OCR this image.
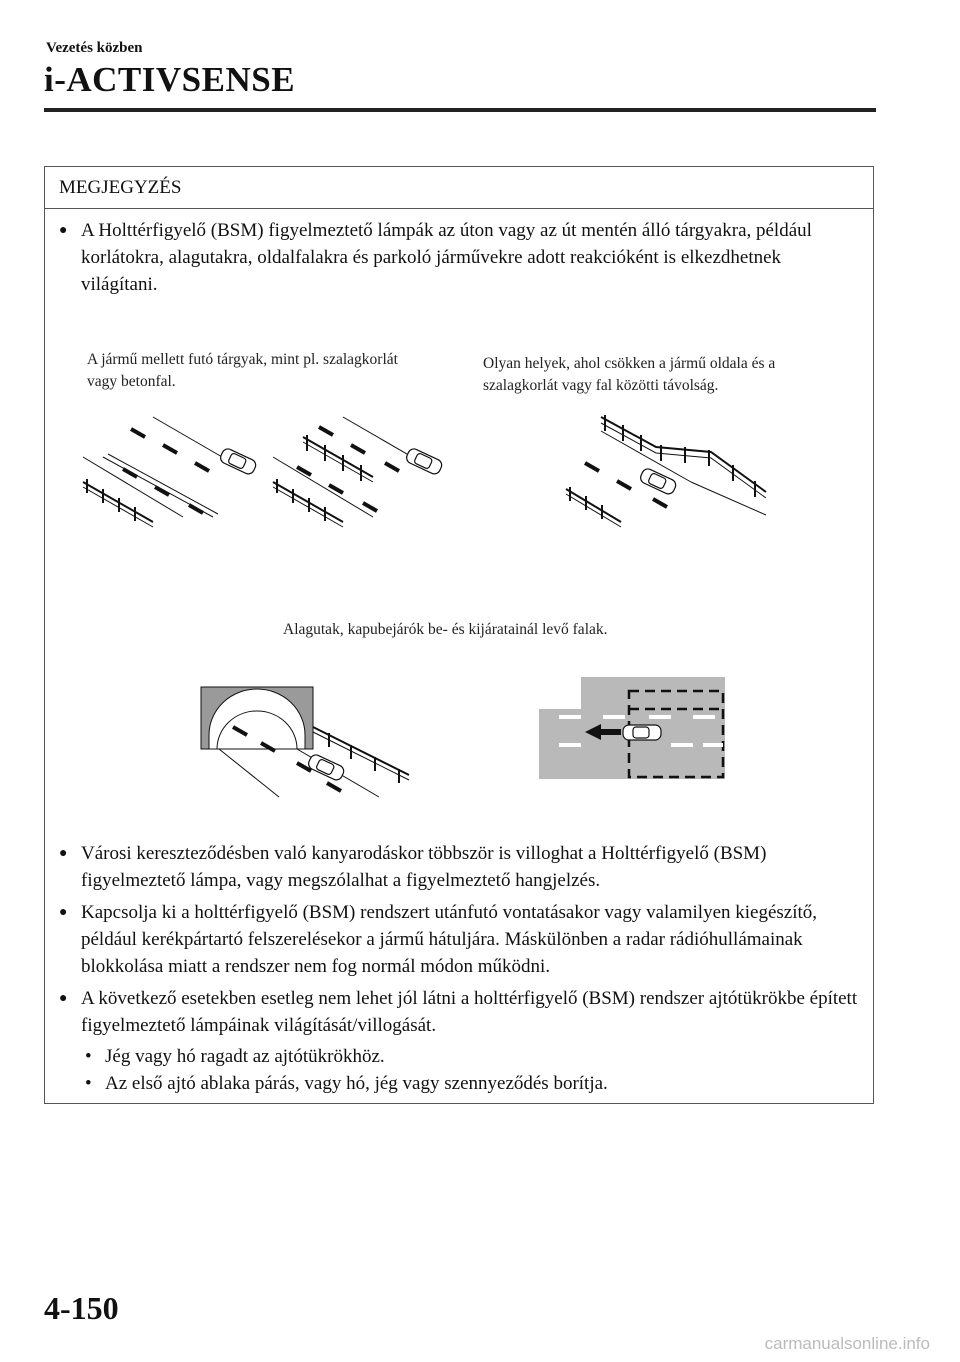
Vezetés közben
i-ACTIVSENSE
MEGJEGYZÉS
● A Holttérfigyelő (BSM) figyelmeztető lámpák az úton vagy az út mentén álló tárgyakra, például korlátokra, alagutakra, oldalfalakra és parkoló járművekre adott reakcióként is elkezdhetnek világítani.
A jármű mellett futó tárgyak, mint pl. szalagkorlát vagy betonfal.
Olyan helyek, ahol csökken a jármű oldala és a szalagkorlát vagy fal közötti távolság.
Alagutak, kapubejárók be- és kijáratainál levő falak.
● Városi kereszteződésben való kanyarodáskor többször is villoghat a Holttérfigyelő (BSM) figyelmeztető lámpa, vagy megszólalhat a figyelmeztető hangjelzés.
● Kapcsolja ki a holttérfigyelő (BSM) rendszert utánfutó vontatásakor vagy valamilyen kiegészítő, például kerékpártartó felszerelésekor a jármű hátuljára. Máskülönben a radar rádióhullámainak blokkolása miatt a rendszer nem fog normál módon működni.
● A következő esetekben esetleg nem lehet jól látni a holttérfigyelő (BSM) rendszer ajtótükrökbe épített figyelmeztető lámpáinak világítását/villogását.
• Jég vagy hó ragadt az ajtótükrökhöz.
• Az első ajtó ablaka párás, vagy hó, jég vagy szennyeződés borítja.
4-150
carmanualsonline.info
